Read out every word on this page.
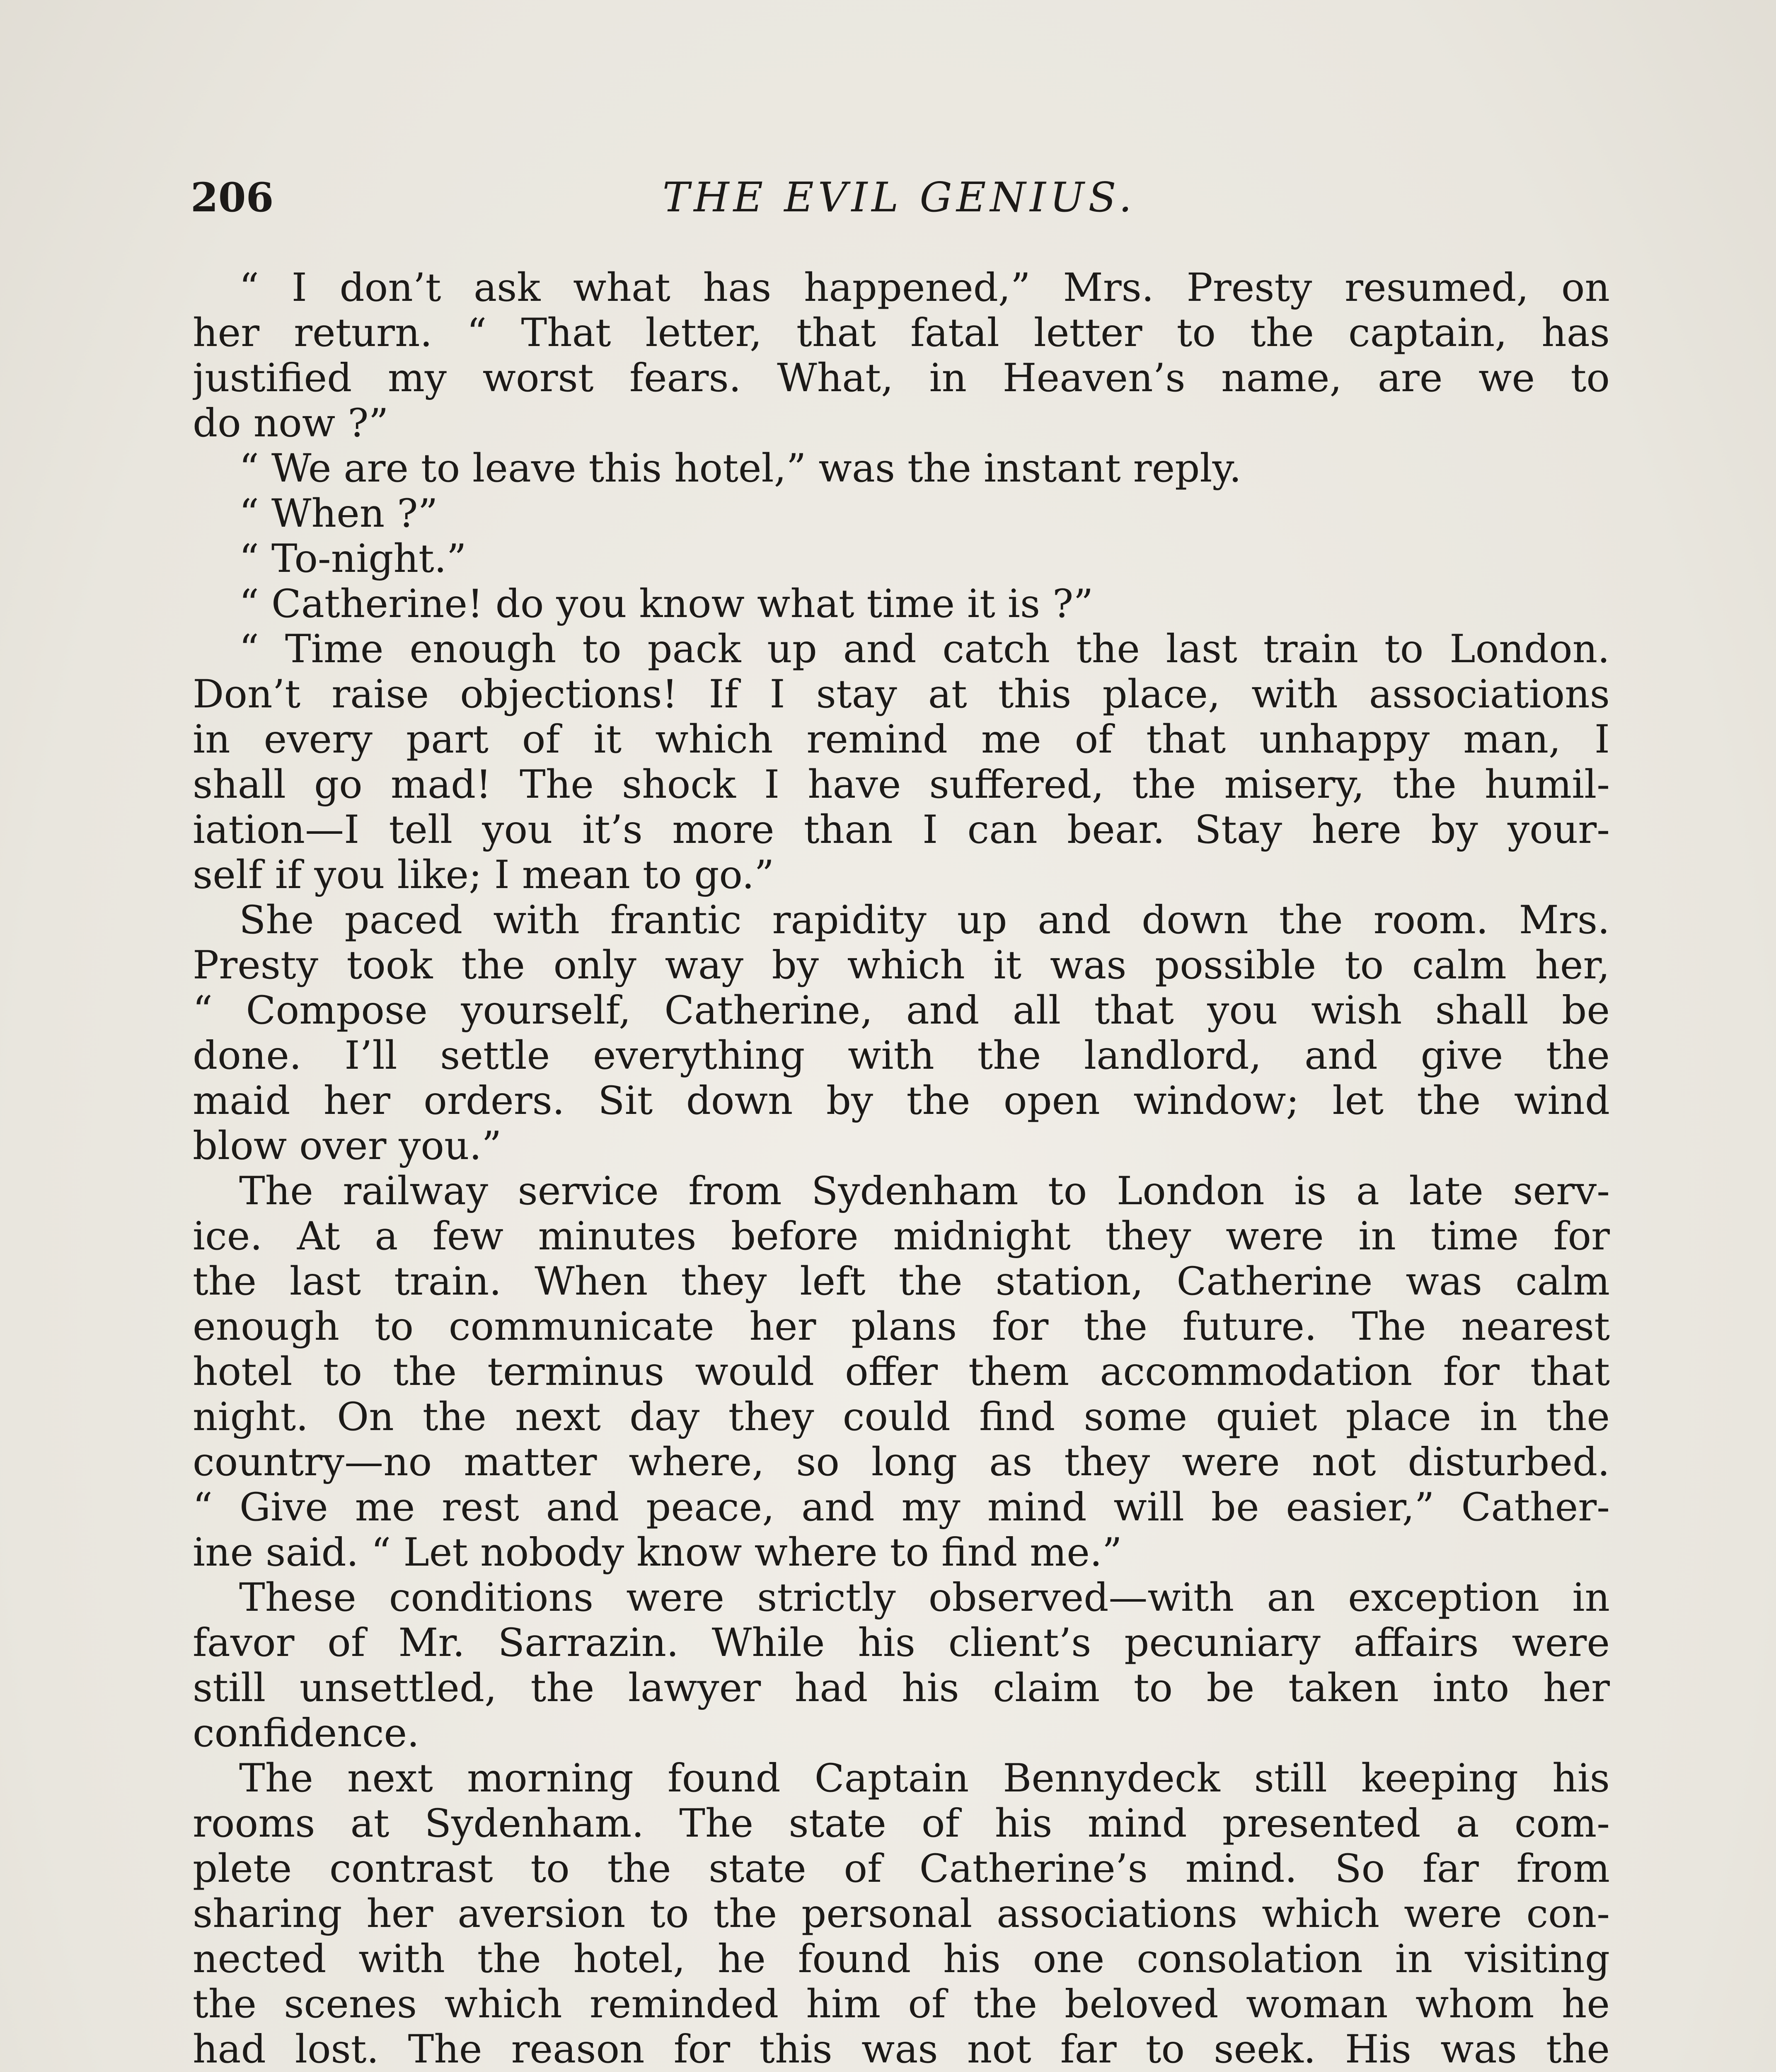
206	THE EVIL GENIUS.
“ I don’t ask what has happened,” Mrs. Presty resumed, on
her return. “ That letter, that fatal letter to the captain, has
justified my worst fears. What, in Heaven’s name, are we to
do now ?”
“ We are to leave this hotel,” was the instant reply.
“ When ?”
“ To-night.”
“ Catherine! do you know what time it is ?”
“ Time enough to pack up and catch the last train to London.
Don’t raise objections! If I stay at this place, with associations
in every part of it which remind me of that unhappy man, I
shall go mad! The shock I have suffered, the misery, the humil-
iation—I tell you it’s more than I can bear. Stay here by your-
self if you like; I mean to go.”
She paced with frantic rapidity up and down the room. Mrs.
Presty took the only way by which it was possible to calm her,
“ Compose yourself, Catherine, and all that you wish shall be
done. I’ll settle everything with the landlord, and give the
maid her orders. Sit down by the open window; let the wind
blow over you.”
The railway service from Sydenham to London is a late serv-
ice. At a few minutes before midnight they were in time for
the last train. When they left the station, Catherine was calm
enough to communicate her plans for the future. The nearest
hotel to the terminus would offer them accommodation for that
night. On the next day they could find some quiet place in the
country—no matter where, so long as they were not disturbed.
“ Give me rest and peace, and my mind will be easier,” Cather-
ine said. “ Let nobody know where to find me.”
These conditions were strictly observed—with an exception in
favor of Mr. Sarrazin. While his client’s pecuniary affairs were
still unsettled, the lawyer had his claim to be taken into her
confidence.
The next morning found Captain Bennydeck still keeping his
rooms at Sydenham. The state of his mind presented a com-
plete contrast to the state of Catherine’s mind. So far from
sharing her aversion to the personal associations which were con-
nected with the hotel, he found his one consolation in visiting
the scenes which reminded him of the beloved woman whom he
had lost. The reason for this was not far to seek. His was the
